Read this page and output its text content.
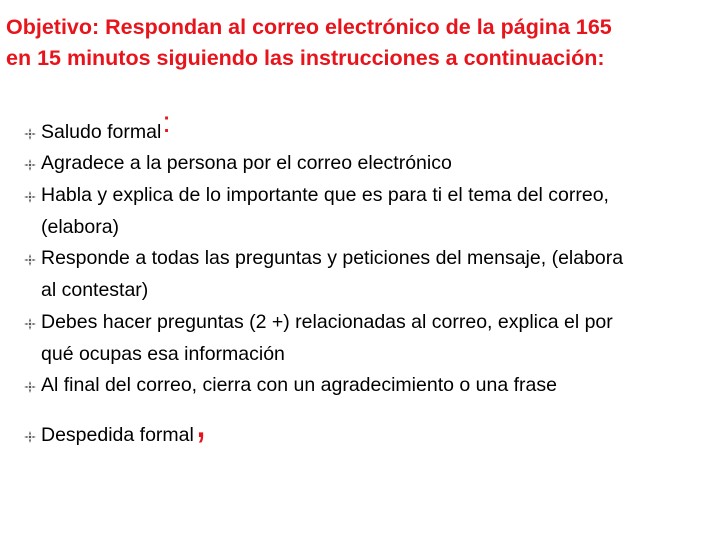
Objetivo: Respondan al correo electrónico de la página 165
en 15 minutos siguiendo las instrucciones a continuación:
Saludo formal:
Agradece a la persona por el correo electrónico
Habla y explica de lo importante que es para ti el tema del correo,
(elabora)
Responde a todas las preguntas y peticiones del mensaje, (elabora
al contestar)
Debes hacer preguntas (2 +) relacionadas al correo, explica el por
qué ocupas esa información
Al final del correo, cierra con un agradecimiento o una frase
Despedida formal,
